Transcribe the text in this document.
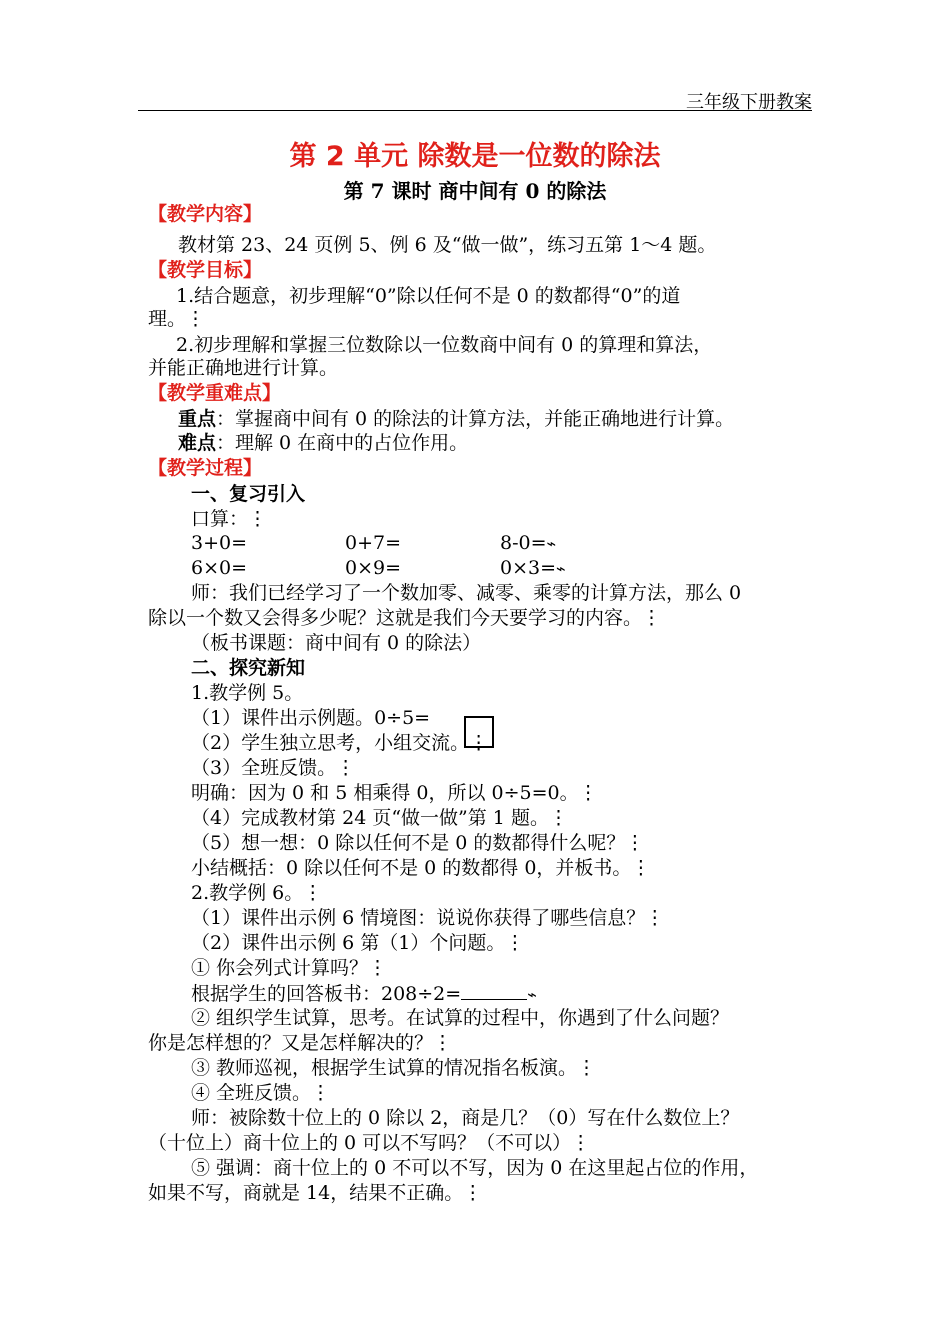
三年级下册教案
第 2 单元 除数是一位数的除法
第 7 课时 商中间有 0 的除法
【教学内容】
教材第 23、24 页例 5、例 6 及“做一做”，练习五第 1～4 题。
【教学目标】
1.结合题意，初步理解“0”除以任何不是 0 的数都得“0”的道
理。⋮
2.初步理解和掌握三位数除以一位数商中间有 0 的算理和算法，
并能正确地进行计算。
【教学重难点】
重点：掌握商中间有 0 的除法的计算方法，并能正确地进行计算。
难点：理解 0 在商中的占位作用。
【教学过程】
一、复习引入
口算：⋮
3+0=	0+7=	8-0=⌁
6×0=	0×9=	0×3=⌁
师：我们已经学习了一个数加零、减零、乘零的计算方法，那么 0
除以一个数又会得多少呢？这就是我们今天要学习的内容。⋮
（板书课题：商中间有 0 的除法）
二、探究新知
1.教学例 5。
（1）课件出示例题。0÷5=
（2）学生独立思考，小组交流。⋮
（3）全班反馈。⋮
明确：因为 0 和 5 相乘得 0，所以 0÷5=0。⋮
（4）完成教材第 24 页“做一做”第 1 题。⋮
（5）想一想：0 除以任何不是 0 的数都得什么呢？⋮
小结概括：0 除以任何不是 0 的数都得 0，并板书。⋮
2.教学例 6。⋮
（1）课件出示例 6 情境图：说说你获得了哪些信息？⋮
（2）课件出示例 6 第（1）个问题。⋮
① 你会列式计算吗？⋮
根据学生的回答板书：208÷2=	⌁
② 组织学生试算，思考。在试算的过程中，你遇到了什么问题？
你是怎样想的？又是怎样解决的？⋮
③ 教师巡视，根据学生试算的情况指名板演。⋮
④ 全班反馈。⋮
师：被除数十位上的 0 除以 2，商是几？（0）写在什么数位上？
（十位上）商十位上的 0 可以不写吗？（不可以）⋮
⑤ 强调：商十位上的 0 不可以不写，因为 0 在这里起占位的作用，
如果不写，商就是 14，结果不正确。⋮
